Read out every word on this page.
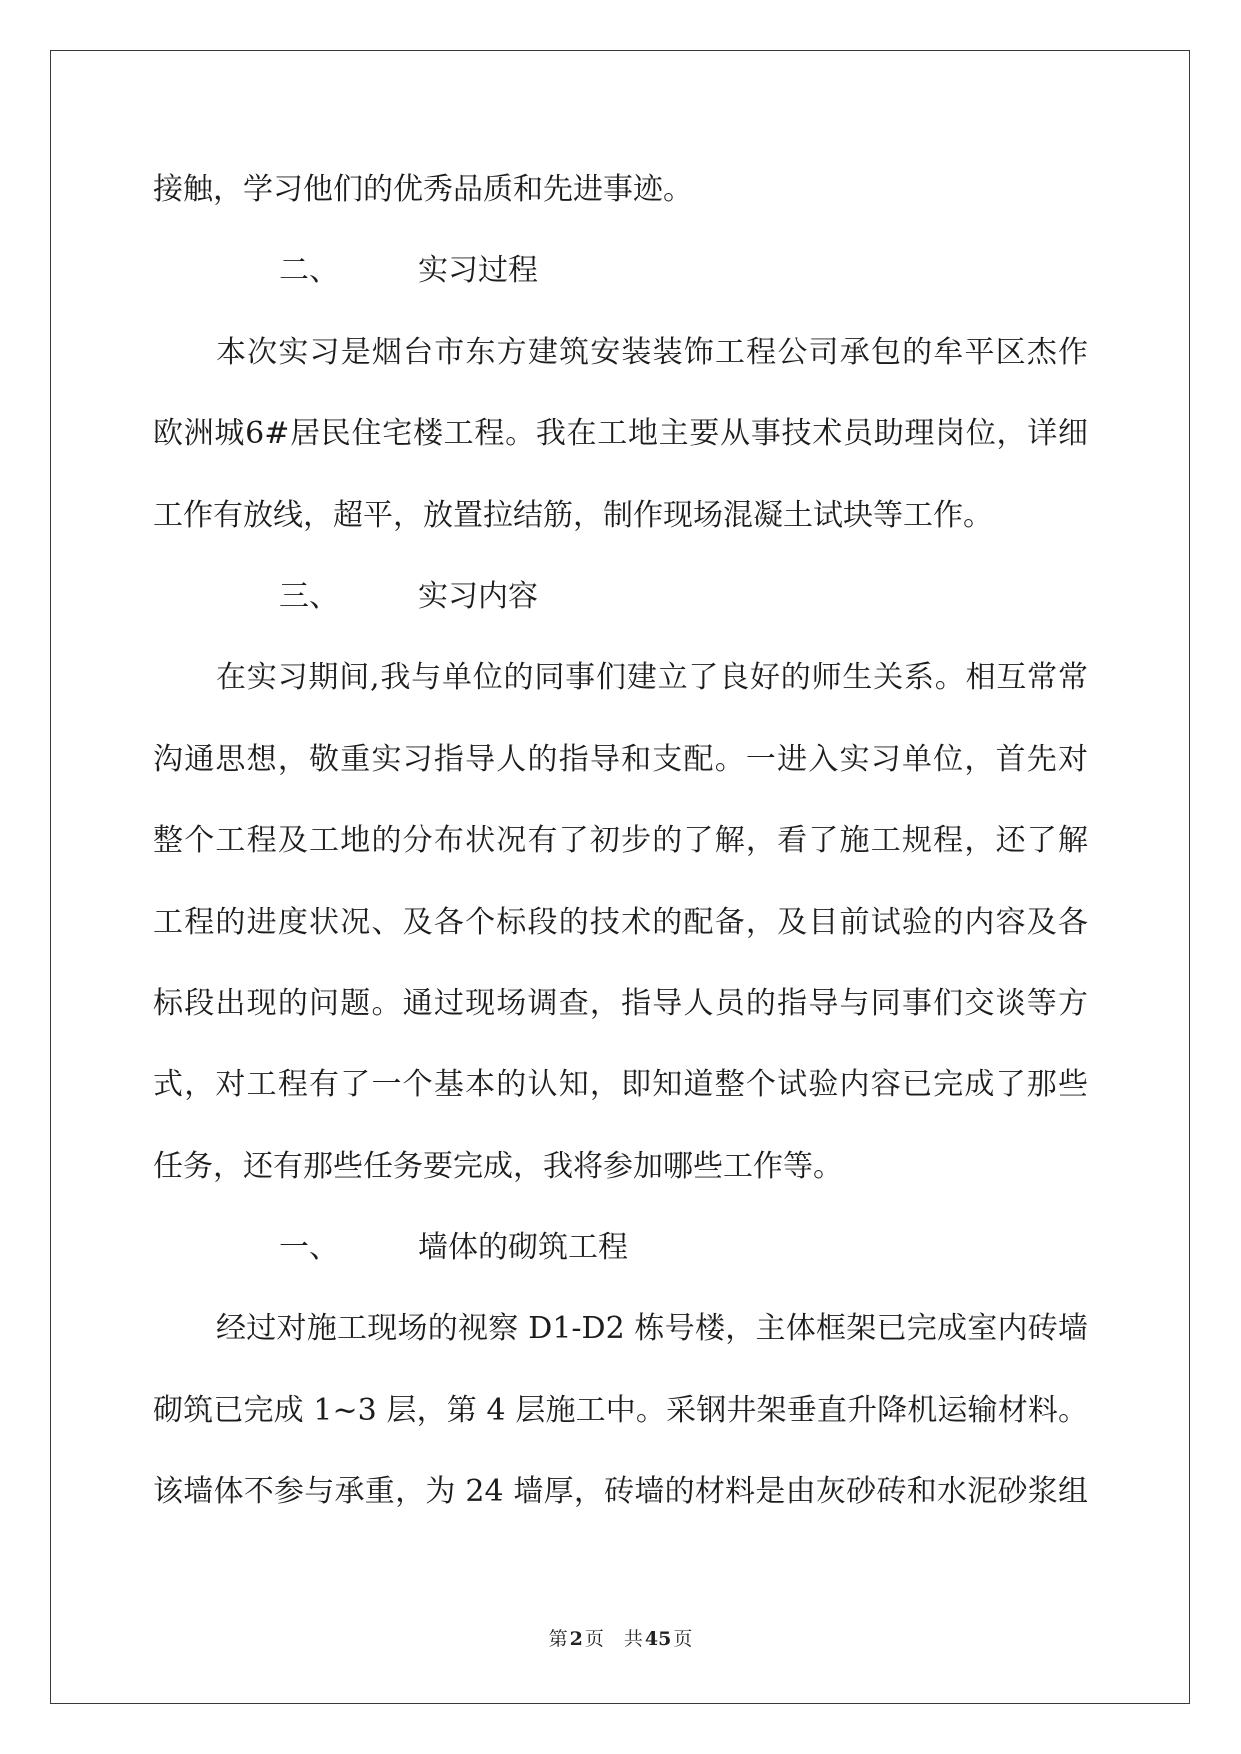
接触，学习他们的优秀品质和先进事迹。
二、	实习过程
本次实习是烟台市东方建筑安装装饰工程公司承包的牟平区杰作
欧洲城6#居民住宅楼工程。我在工地主要从事技术员助理岗位，详细
工作有放线，超平，放置拉结筋，制作现场混凝土试块等工作。
三、	实习内容
在实习期间,我与单位的同事们建立了良好的师生关系。相互常常
沟通思想，敬重实习指导人的指导和支配。一进入实习单位，首先对
整个工程及工地的分布状况有了初步的了解，看了施工规程，还了解
工程的进度状况、及各个标段的技术的配备，及目前试验的内容及各
标段出现的问题。通过现场调查，指导人员的指导与同事们交谈等方
式，对工程有了一个基本的认知，即知道整个试验内容已完成了那些
任务，还有那些任务要完成，我将参加哪些工作等。
一、	墙体的砌筑工程
经过对施工现场的视察 D1-D2 栋号楼，主体框架已完成室内砖墙
砌筑已完成 1~3 层，第 4 层施工中。采钢井架垂直升降机运输材料。
该墙体不参与承重，为 24 墙厚，砖墙的材料是由灰砂砖和水泥砂浆组
第 2 页 共 45 页
